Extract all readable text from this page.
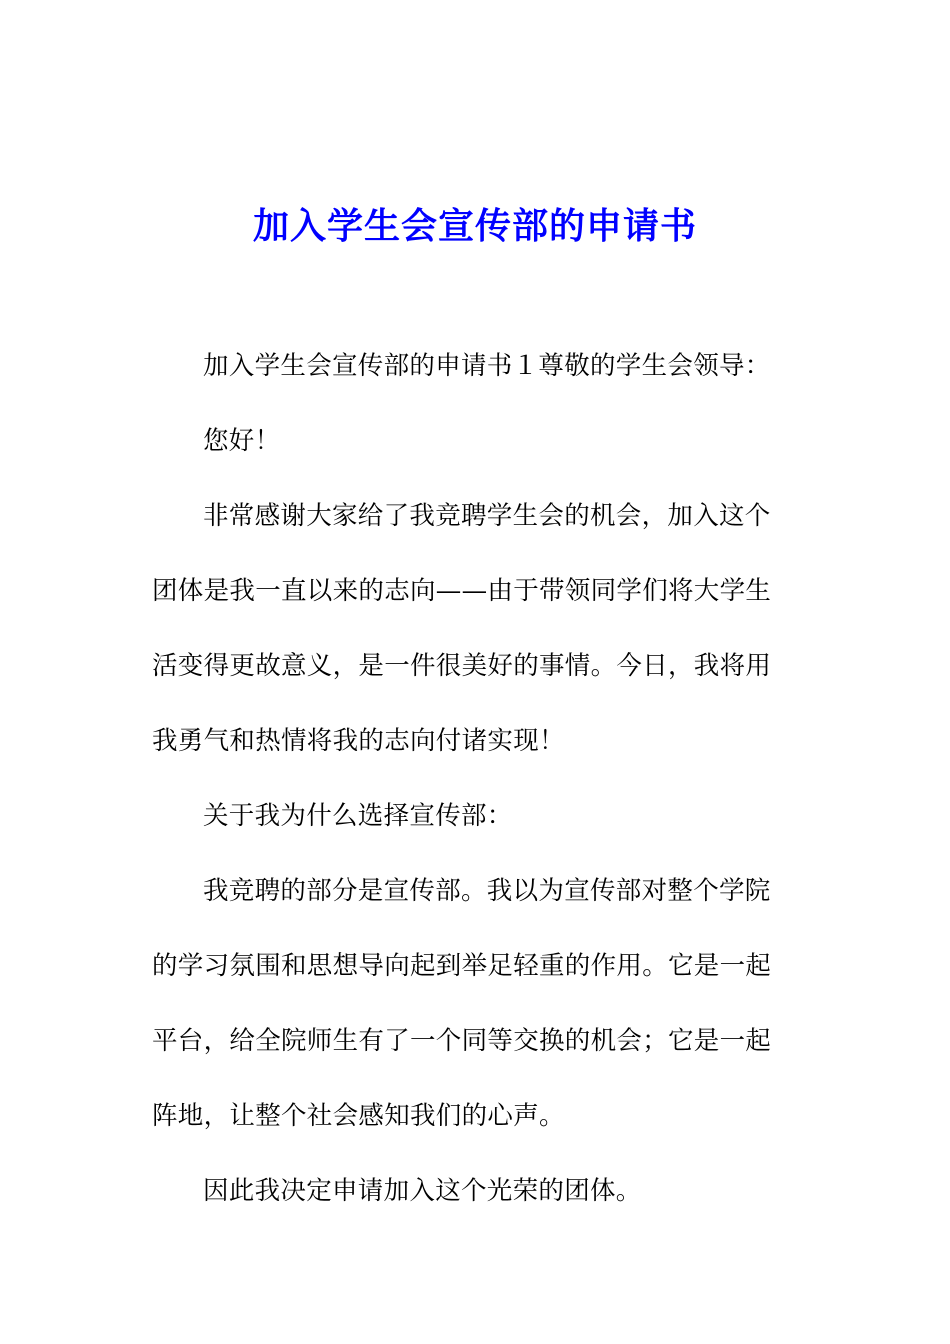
加入学生会宣传部的申请书

加入学生会宣传部的申请书１尊敬的学生会领导：

您好！

非常感谢大家给了我竞聘学生会的机会，加入这个团体是我一直以来的志向——由于带领同学们将大学生活变得更故意义，是一件很美好的事情。今日，我将用我勇气和热情将我的志向付诸实现！

关于我为什么选择宣传部：

我竞聘的部分是宣传部。我以为宣传部对整个学院的学习氛围和思想导向起到举足轻重的作用。它是一起平台，给全院师生有了一个同等交换的机会；它是一起阵地，让整个社会感知我们的心声。

因此我决定申请加入这个光荣的团体。
